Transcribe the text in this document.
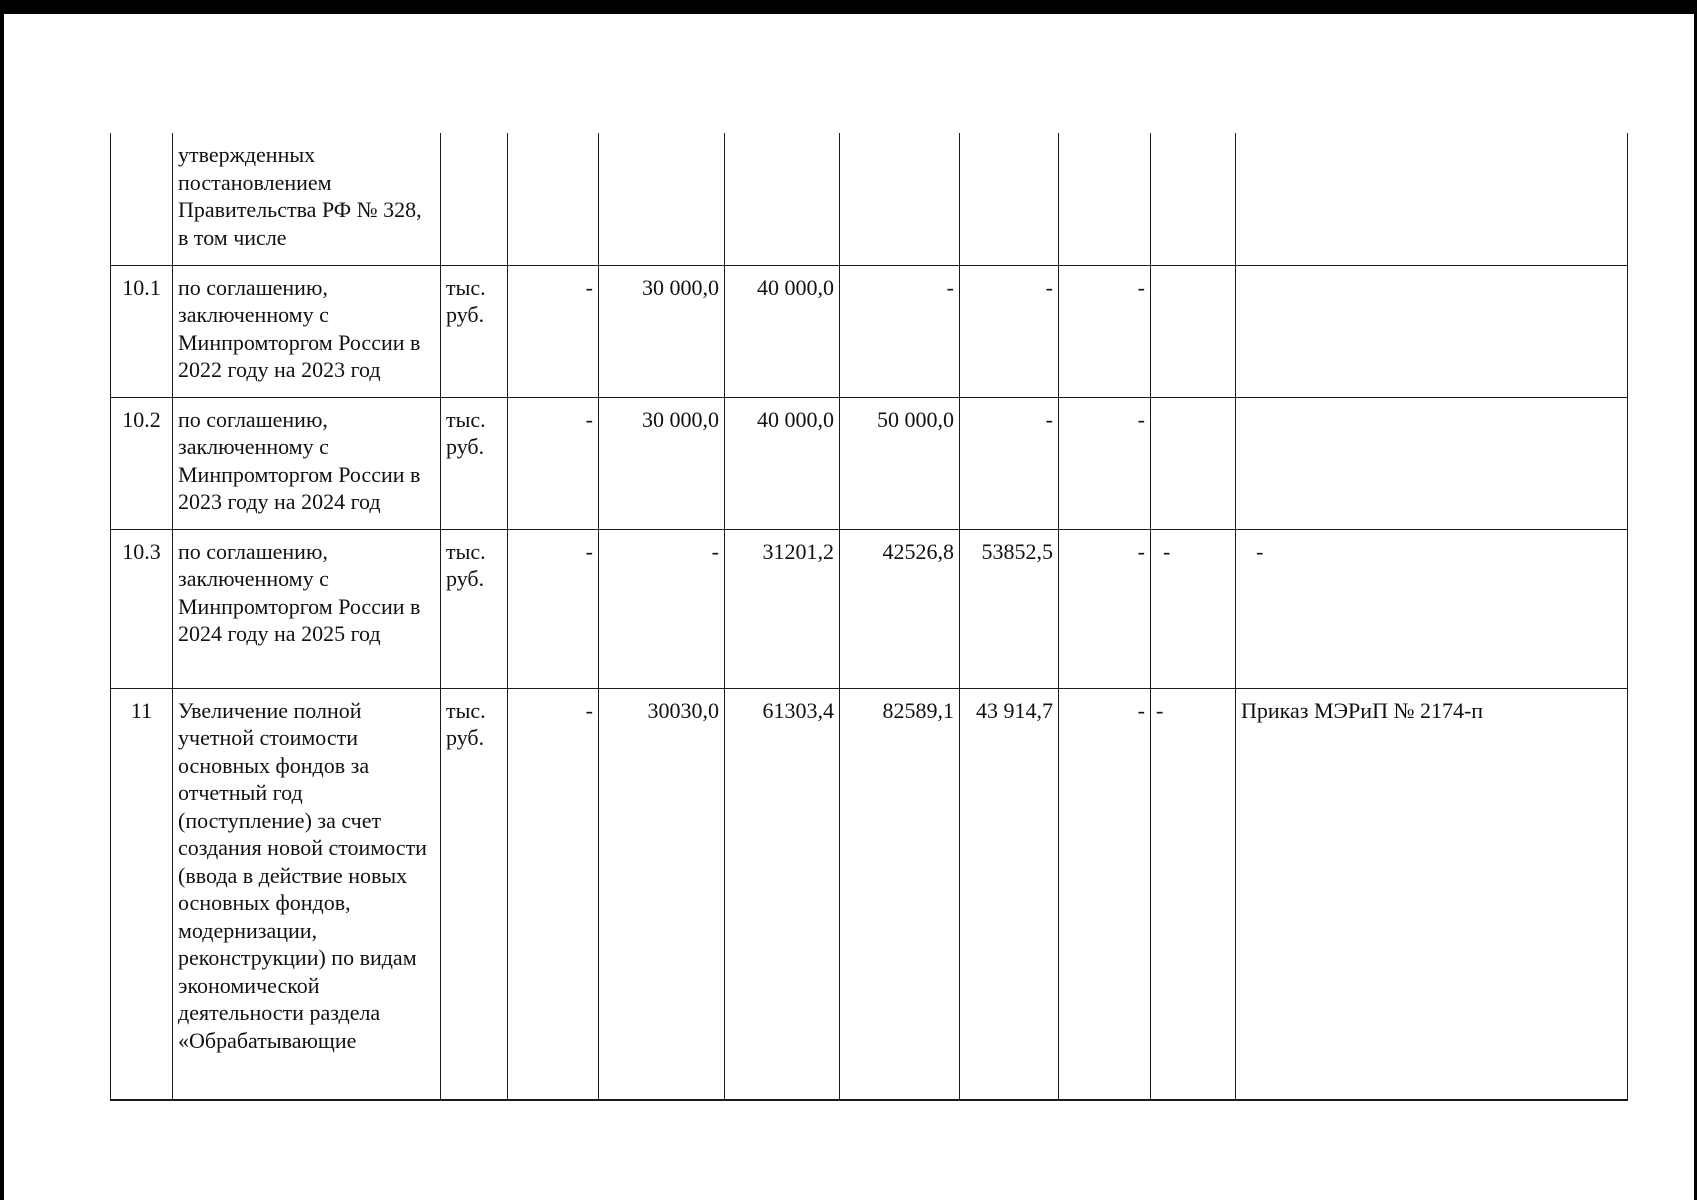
	утвержденных постановлением Правительства РФ № 328, в том числе									
10.1	по соглашению, заключенному с Минпромторгом России в 2022 году на 2023 год	тыс. руб.	-	30 000,0	40 000,0	-	-	-		
10.2	по соглашению, заключенному с Минпромторгом России в 2023 году на 2024 год	тыс. руб.	-	30 000,0	40 000,0	50 000,0	-	-		
10.3	по соглашению, заключенному с Минпромторгом России в 2024 году на 2025 год	тыс. руб.	-	-	31201,2	42526,8	53852,5	-	-	-
11	Увеличение полной учетной стоимости основных фондов за отчетный год (поступление) за счет создания новой стоимости (ввода в действие новых основных фондов, модернизации, реконструкции) по видам экономической деятельности раздела «Обрабатывающие	тыс. руб.	-	30030,0	61303,4	82589,1	43 914,7	-	-	Приказ МЭРиП № 2174-п
